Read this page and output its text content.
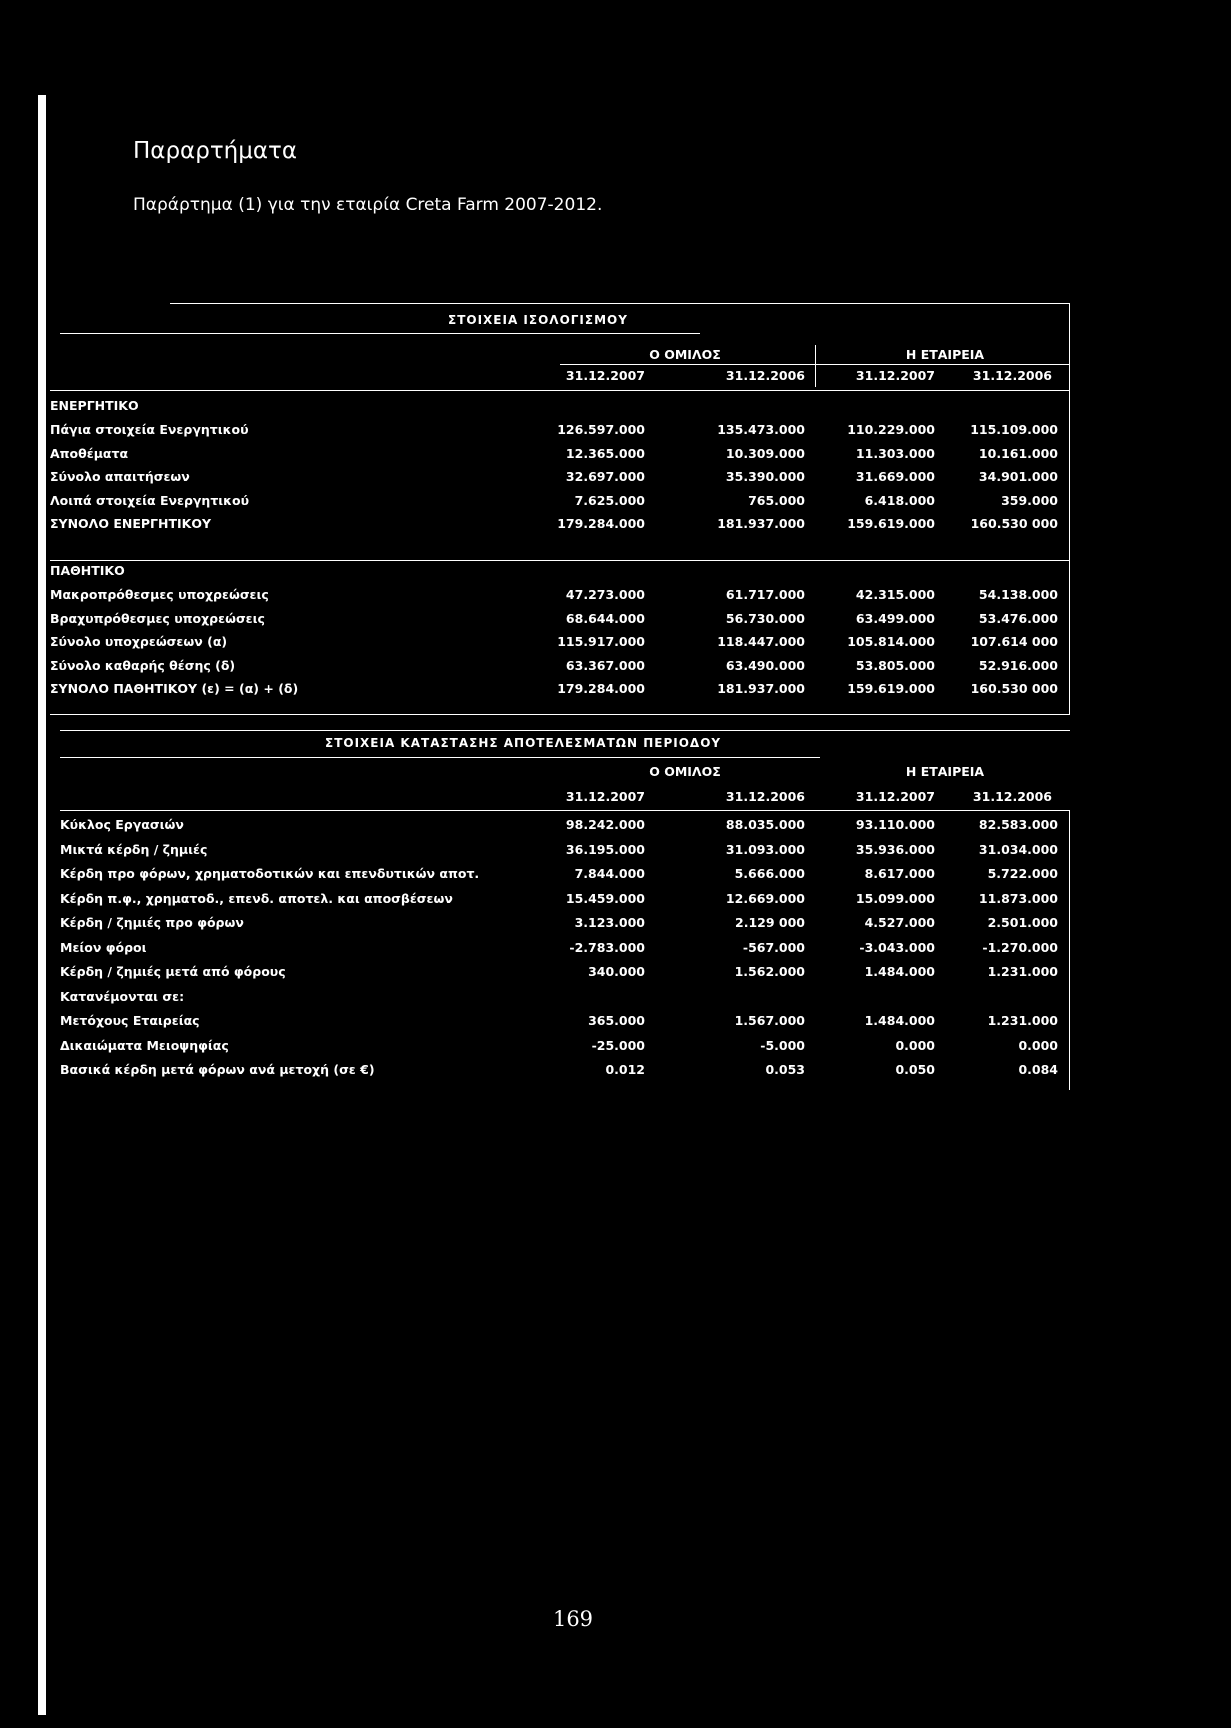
Παραρτήματα

Παράρτημα (1) για την εταιρία Creta Farm 2007-2012.

ΣΤΟΙΧΕΙΑ ΙΣΟΛΟΓΙΣΜΟΥ
Ο ΟΜΙΛΟΣ	Η ΕΤΑΙΡΕΙΑ
31.12.2007	31.12.2006	31.12.2007	31.12.2006
ΕΝΕΡΓΗΤΙΚΟ
Πάγια στοιχεία Ενεργητικού	126.597.000	135.473.000	110.229.000	115.109.000
Αποθέματα	12.365.000	10.309.000	11.303.000	10.161.000
Σύνολο απαιτήσεων	32.697.000	35.390.000	31.669.000	34.901.000
Λοιπά στοιχεία Ενεργητικού	7.625.000	765.000	6.418.000	359.000
ΣΥΝΟΛΟ ΕΝΕΡΓΗΤΙΚΟΥ	179.284.000	181.937.000	159.619.000	160.530 000
ΠΑΘΗΤΙΚΟ
Μακροπρόθεσμες υποχρεώσεις	47.273.000	61.717.000	42.315.000	54.138.000
Βραχυπρόθεσμες υποχρεώσεις	68.644.000	56.730.000	63.499.000	53.476.000
Σύνολο υποχρεώσεων (α)	115.917.000	118.447.000	105.814.000	107.614 000
Σύνολο καθαρής θέσης (δ)	63.367.000	63.490.000	53.805.000	52.916.000
ΣΥΝΟΛΟ ΠΑΘΗΤΙΚΟΥ (ε) = (α) + (δ)	179.284.000	181.937.000	159.619.000	160.530 000
ΣΤΟΙΧΕΙΑ ΚΑΤΑΣΤΑΣΗΣ ΑΠΟΤΕΛΕΣΜΑΤΩΝ ΠΕΡΙΟΔΟΥ
Ο ΟΜΙΛΟΣ	Η ΕΤΑΙΡΕΙΑ
31.12.2007	31.12.2006	31.12.2007	31.12.2006
Κύκλος Εργασιών	98.242.000	88.035.000	93.110.000	82.583.000
Μικτά κέρδη / ζημιές	36.195.000	31.093.000	35.936.000	31.034.000
Κέρδη προ φόρων, χρηματοδοτικών και επενδυτικών αποτ.	7.844.000	5.666.000	8.617.000	5.722.000
Κέρδη π.φ., χρηματοδ., επενδ. αποτελ. και αποσβέσεων	15.459.000	12.669.000	15.099.000	11.873.000
Κέρδη / ζημιές προ φόρων	3.123.000	2.129 000	4.527.000	2.501.000
Μείον φόροι	-2.783.000	-567.000	-3.043.000	-1.270.000
Κέρδη / ζημιές μετά από φόρους	340.000	1.562.000	1.484.000	1.231.000
Κατανέμονται σε:
Μετόχους Εταιρείας	365.000	1.567.000	1.484.000	1.231.000
Δικαιώματα Μειοψηφίας	-25.000	-5.000	0.000	0.000
Βασικά κέρδη μετά φόρων ανά μετοχή (σε €)	0.012	0.053	0.050	0.084
169
